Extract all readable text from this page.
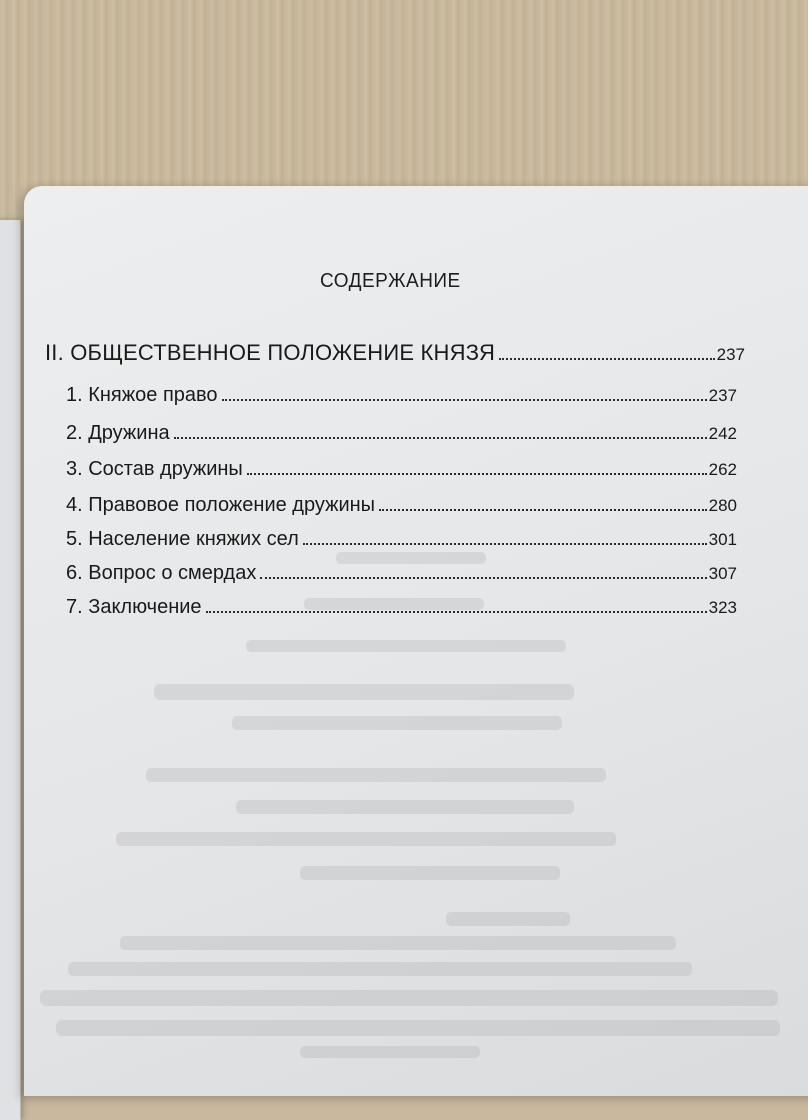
СОДЕРЖАНИЕ
II. ОБЩЕСТВЕННОЕ ПОЛОЖЕНИЕ КНЯЗЯ	237
1. Княжое право	237
2. Дружина	242
3. Состав дружины	262
4. Правовое положение дружины	280
5. Население княжих сел	301
6. Вопрос о смердах	307
7. Заключение	323
